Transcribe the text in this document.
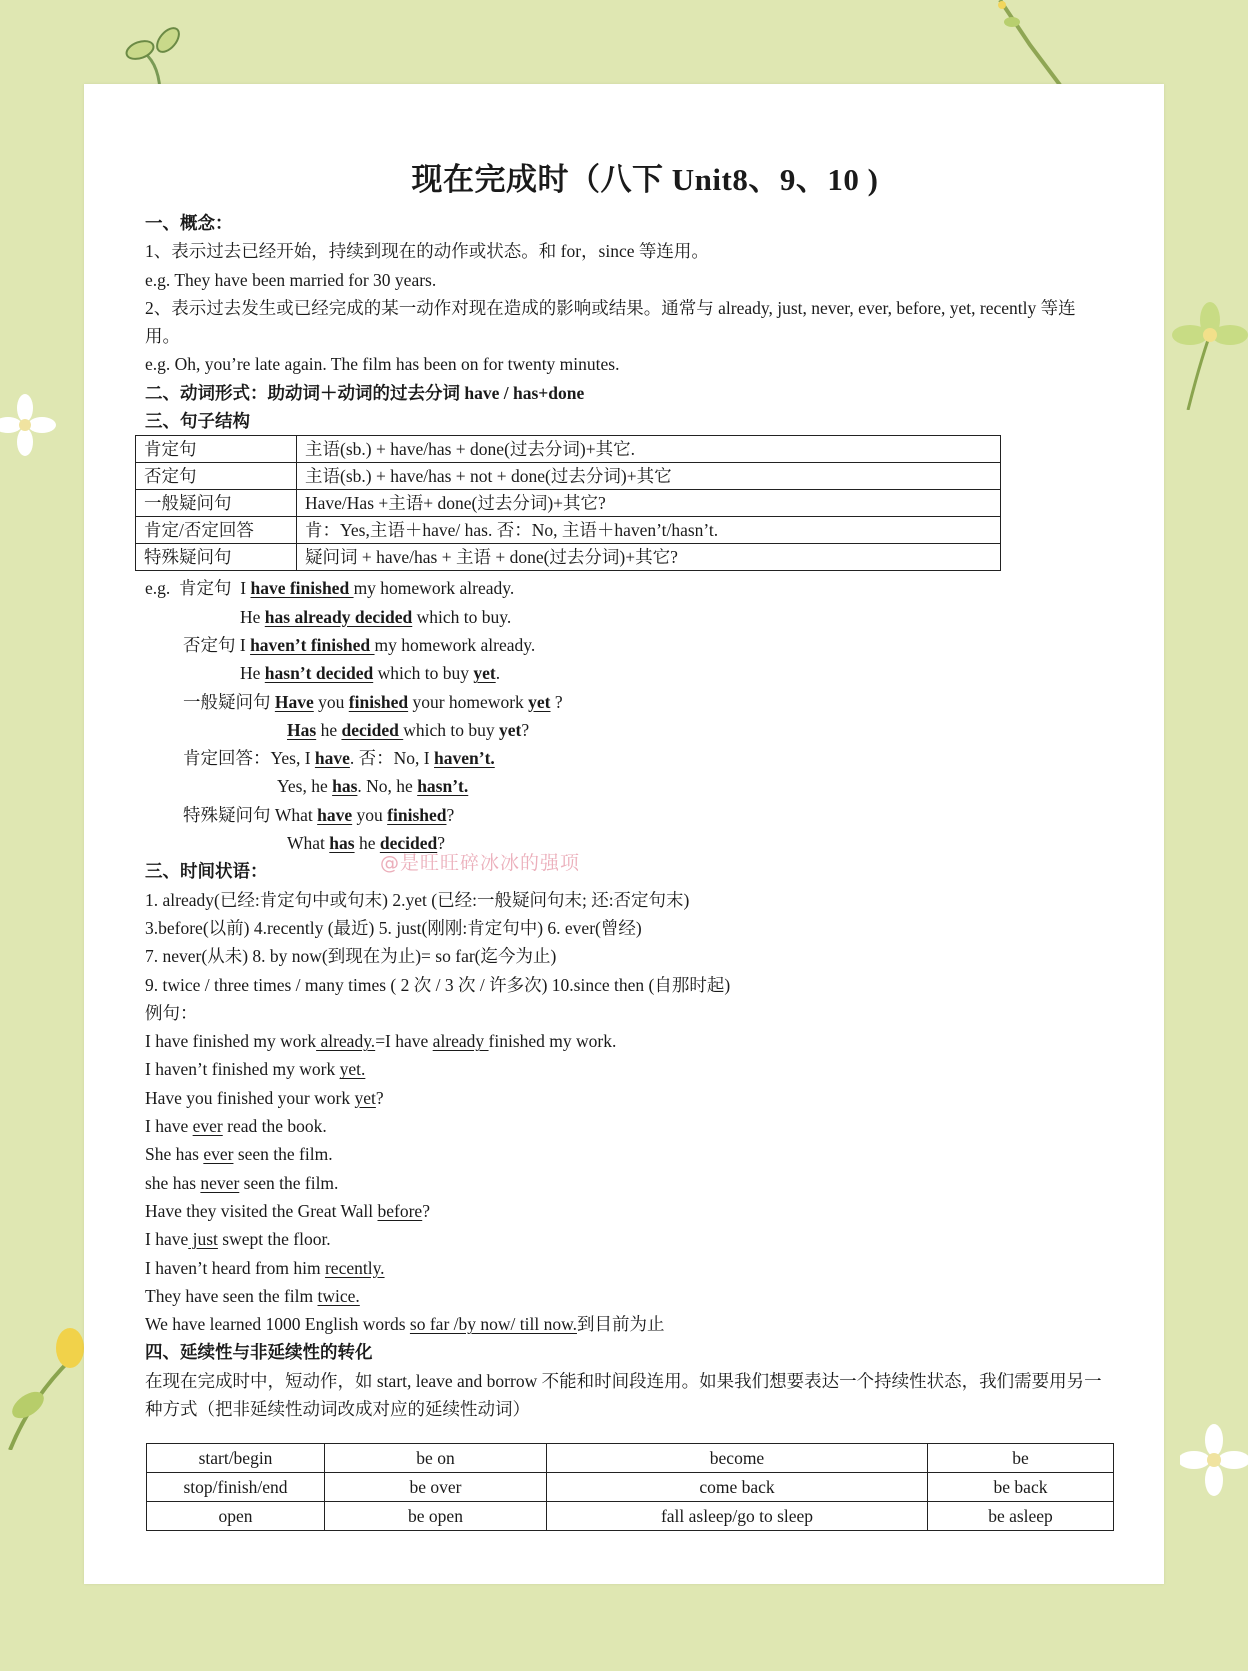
现在完成时（八下 Unit8、9、10 )
一、概念：
1、表示过去已经开始，持续到现在的动作或状态。和 for，since 等连用。
e.g. They have been married for 30 years.
2、表示过去发生或已经完成的某一动作对现在造成的影响或结果。通常与 already, just, never, ever, before, yet, recently 等连用。
e.g. Oh, you’re late again. The film has been on for twenty minutes.
二、动词形式：助动词＋动词的过去分词 have / has+done
三、句子结构
肯定句	主语(sb.) + have/has + done(过去分词)+其它.
否定句	主语(sb.) + have/has + not + done(过去分词)+其它
一般疑问句	Have/Has +主语+ done(过去分词)+其它?
肯定/否定回答	肯：Yes,主语＋have/ has. 否：No, 主语＋haven’t/hasn’t.
特殊疑问句	疑问词 + have/has + 主语 + done(过去分词)+其它?
e.g. 肯定句 I have finished my homework already.
He has already decided which to buy.
否定句 I haven’t finished my homework already.
He hasn’t decided which to buy yet.
一般疑问句 Have you finished your homework yet ?
Has he decided which to buy yet?
肯定回答：Yes, I have. 否：No, I haven’t.
Yes, he has. No, he hasn’t.
特殊疑问句 What have you finished?
What has he decided?
三、时间状语：
1. already(已经:肯定句中或句末) 2.yet (已经:一般疑问句末; 还:否定句末)
3.before(以前) 4.recently (最近) 5. just(刚刚:肯定句中) 6. ever(曾经)
7. never(从未) 8. by now(到现在为止)= so far(迄今为止)
9. twice / three times / many times ( 2 次 / 3 次 / 许多次) 10.since then (自那时起)
例句：
I have finished my work already.=I have already finished my work.
I haven’t finished my work yet.
Have you finished your work yet?
I have ever read the book.
She has ever seen the film.
she has never seen the film.
Have they visited the Great Wall before?
I have just swept the floor.
I haven’t heard from him recently.
They have seen the film twice.
We have learned 1000 English words so far /by now/ till now.到目前为止
四、延续性与非延续性的转化
在现在完成时中，短动作，如 start, leave and borrow 不能和时间段连用。如果我们想要表达一个持续性状态，我们需要用另一种方式（把非延续性动词改成对应的延续性动词）
start/begin	be on	become	be
stop/finish/end	be over	come back	be back
open	be open	fall asleep/go to sleep	be asleep
@是旺旺碎冰冰的强项
